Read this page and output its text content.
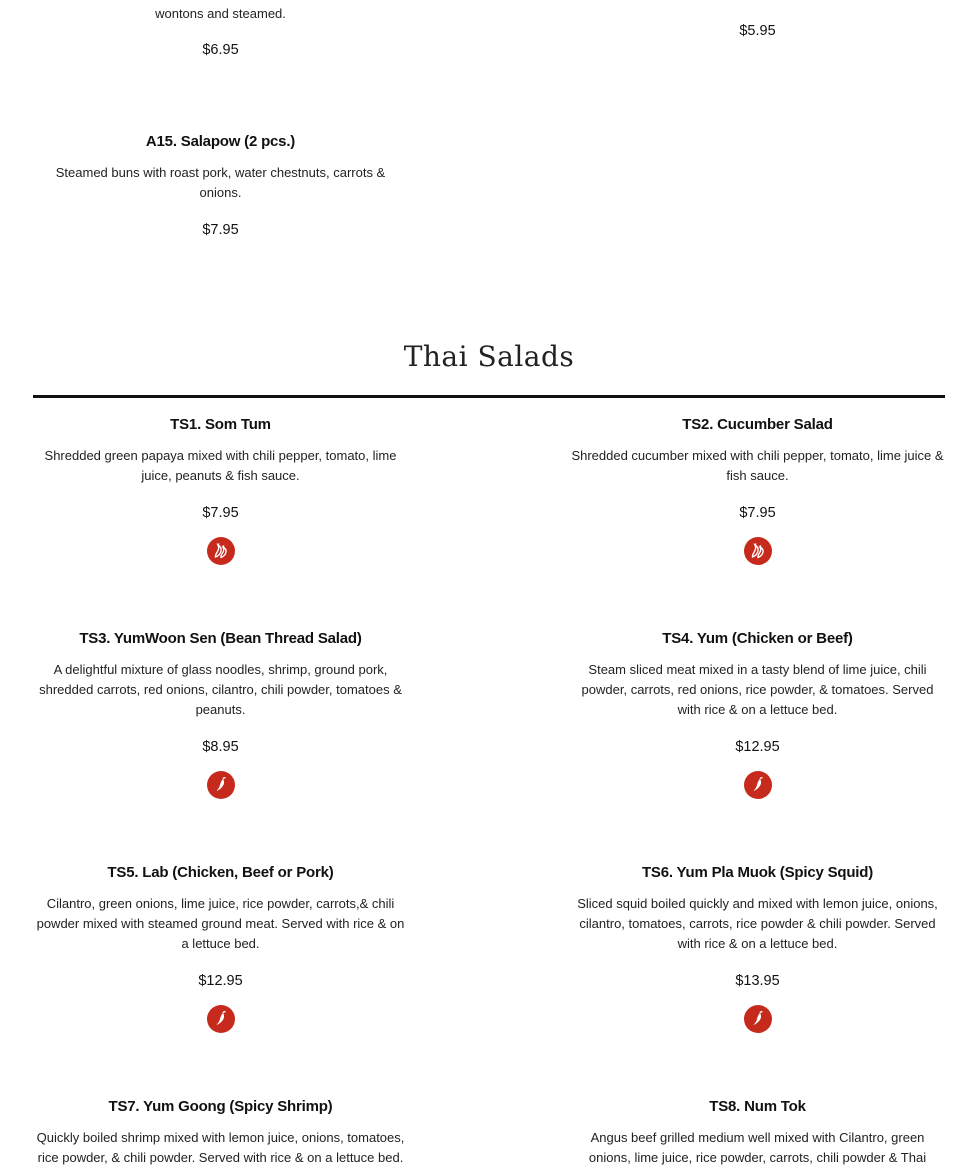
wontons and steamed.
$6.95
$5.95
A15. Salapow (2 pcs.)
Steamed buns with roast pork, water chestnuts, carrots & onions.
$7.95
Thai Salads
TS1. Som Tum
Shredded green papaya mixed with chili pepper, tomato, lime juice, peanuts & fish sauce.
$7.95
TS2. Cucumber Salad
Shredded cucumber mixed with chili pepper, tomato, lime juice & fish sauce.
$7.95
TS3. YumWoon Sen (Bean Thread Salad)
A delightful mixture of glass noodles, shrimp, ground pork, shredded carrots, red onions, cilantro, chili powder, tomatoes & peanuts.
$8.95
TS4. Yum (Chicken or Beef)
Steam sliced meat mixed in a tasty blend of lime juice, chili powder, carrots, red onions, rice powder, & tomatoes. Served with rice & on a lettuce bed.
$12.95
TS5. Lab (Chicken, Beef or Pork)
Cilantro, green onions, lime juice, rice powder, carrots,& chili powder mixed with steamed ground meat. Served with rice & on a lettuce bed.
$12.95
TS6. Yum Pla Muok (Spicy Squid)
Sliced squid boiled quickly and mixed with lemon juice, onions, cilantro, tomatoes, carrots, rice powder & chili powder. Served with rice & on a lettuce bed.
$13.95
TS7. Yum Goong (Spicy Shrimp)
Quickly boiled shrimp mixed with lemon juice, onions, tomatoes, rice powder, & chili powder. Served with rice & on a lettuce bed.
TS8. Num Tok
Angus beef grilled medium well mixed with Cilantro, green onions, lime juice, rice powder, carrots, chili powder & Thai
